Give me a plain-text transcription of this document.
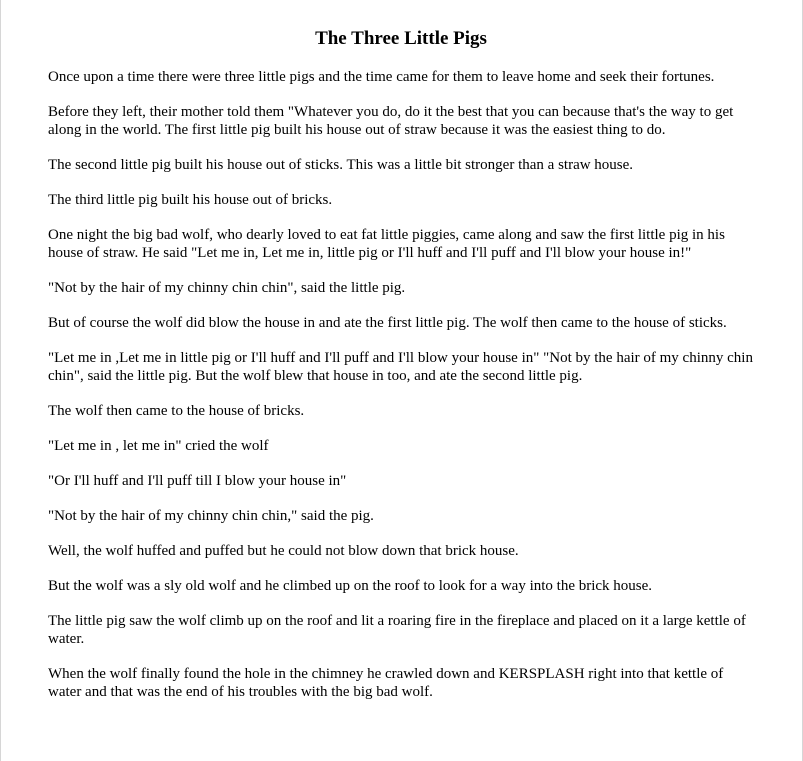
The Three Little Pigs

Once upon a time there were three little pigs and the time came for them to leave home and seek their fortunes.

Before they left, their mother told them "Whatever you do, do it the best that you can because that's the way to get along in the world. The first little pig built his house out of straw because it was the easiest thing to do.

The second little pig built his house out of sticks. This was a little bit stronger than a straw house.

The third little pig built his house out of bricks.

One night the big bad wolf, who dearly loved to eat fat little piggies, came along and saw the first little pig in his house of straw. He said "Let me in, Let me in, little pig or I'll huff and I'll puff and I'll blow your house in!"

"Not by the hair of my chinny chin chin", said the little pig.

But of course the wolf did blow the house in and ate the first little pig. The wolf then came to the house of sticks.

"Let me in ,Let me in little pig or I'll huff and I'll puff and I'll blow your house in" "Not by the hair of my chinny chin chin", said the little pig. But the wolf blew that house in too, and ate the second little pig.

The wolf then came to the house of bricks.

"Let me in , let me in" cried the wolf

"Or I'll huff and I'll puff till I blow your house in"

"Not by the hair of my chinny chin chin," said the pig.

Well, the wolf huffed and puffed but he could not blow down that brick house.

But the wolf was a sly old wolf and he climbed up on the roof to look for a way into the brick house.

The little pig saw the wolf climb up on the roof and lit a roaring fire in the fireplace and placed on it a large kettle of water.

When the wolf finally found the hole in the chimney he crawled down and KERSPLASH right into that kettle of water and that was the end of his troubles with the big bad wolf.
